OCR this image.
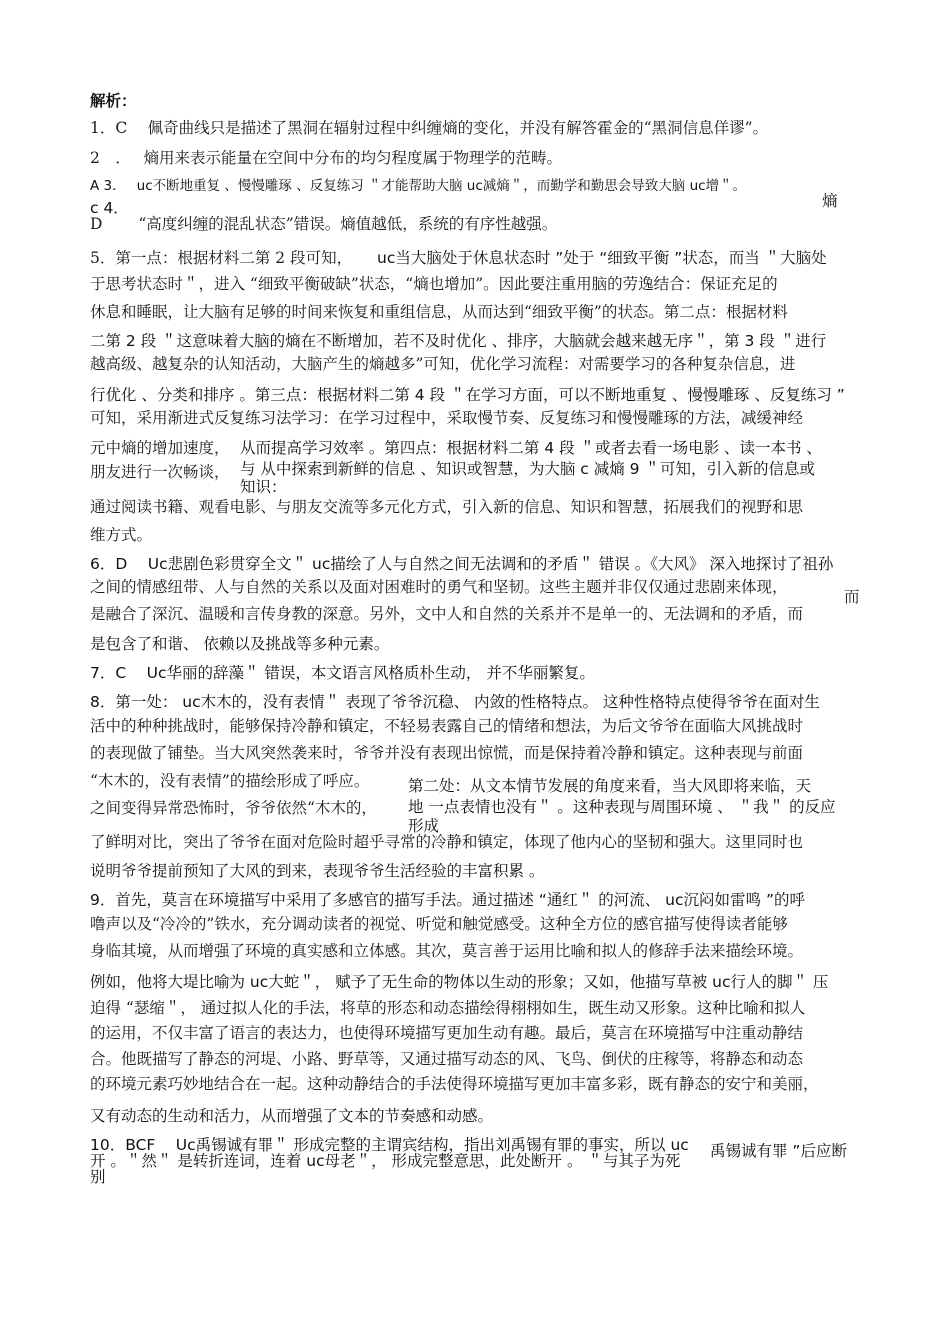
解析：
1．C　 佩奇曲线只是描述了黑洞在辐射过程中纠缠熵的变化，并没有解答霍金的“黑洞信息佯谬”。
2　．　 熵用来表示能量在空间中分布的均匀程度属于物理学的范畴。
A 3．　 uc不断地重复 、慢慢雕琢 、反复练习 ＂才能帮助大脑 uc减熵＂，而勤学和勤思会导致大脑 uc增＂。
熵
c 4．
D　　 “高度纠缠的混乱状态”错误。熵值越低，系统的有序性越强。
5．第一点：根据材料二第 2 段可知， uc当大脑处于休息状态时 ”处于 “细致平衡 ”状态，而当 ＂大脑处
于思考状态时＂，进入 “细致平衡破缺”状态，“熵也增加”。因此要注重用脑的劳逸结合：保证充足的
休息和睡眠，让大脑有足够的时间来恢复和重组信息，从而达到“细致平衡”的状态。第二点：根据材料
二第 2 段 ＂这意味着大脑的熵在不断增加，若不及时优化 、排序，大脑就会越来越无序＂，第 3 段 ＂进行
越高级、越复杂的认知活动，大脑产生的熵越多”可知，优化学习流程：对需要学习的各种复杂信息，进
行优化 、分类和排序 。第三点：根据材料二第 4 段 ＂在学习方面，可以不断地重复 、慢慢雕琢 、反复练习 ”
可知，采用渐进式反复练习法学习：在学习过程中，采取慢节奏、反复练习和慢慢雕琢的方法，减缓神经
元中熵的增加速度， 从而提高学习效率 。第四点：根据材料二第 4 段 ＂或者去看一场电影 、读一本书 、
朋友进行一次畅谈， 与 从中探索到新鲜的信息 、知识或智慧，为大脑 c 减熵 9 ＂可知，引入新的信息或
知识：
通过阅读书籍、观看电影、与朋友交流等多元化方式，引入新的信息、知识和智慧，拓展我们的视野和思
维方式。
6．D　 Uc悲剧色彩贯穿全文＂ uc描绘了人与自然之间无法调和的矛盾＂ 错误 。《大风》 深入地探讨了祖孙
之间的情感纽带、人与自然的关系以及面对困难时的勇气和坚韧。这些主题并非仅仅通过悲剧来体现，
而
是融合了深沉、温暖和言传身教的深意。另外，文中人和自然的关系并不是单一的、无法调和的矛盾，而
是包含了和谐、 依赖以及挑战等多种元素。
7．C　 Uc华丽的辞藻＂ 错误，本文语言风格质朴生动， 并不华丽繁复。
8．第一处： uc木木的，没有表情＂ 表现了爷爷沉稳、 内敛的性格特点。 这种性格特点使得爷爷在面对生
活中的种种挑战时，能够保持冷静和镇定，不轻易表露自己的情绪和想法，为后文爷爷在面临大风挑战时
的表现做了铺垫。当大风突然袭来时，爷爷并没有表现出惊慌，而是保持着冷静和镇定。这种表现与前面
“木木的，没有表情”的描绘形成了呼应。 第二处：从文本情节发展的角度来看，当大风即将来临，天
之间变得异常恐怖时，爷爷依然“木木的， 地 一点表情也没有＂ 。这种表现与周围环境 、 ＂我＂ 的反应
形成
了鲜明对比，突出了爷爷在面对危险时超乎寻常的冷静和镇定，体现了他内心的坚韧和强大。这里同时也
说明爷爷提前预知了大风的到来，表现爷爷生活经验的丰富积累 。
9．首先，莫言在环境描写中采用了多感官的描写手法。通过描述 “通红＂ 的河流、 uc沉闷如雷鸣 ”的呼
噜声以及“冷冷的”铁水，充分调动读者的视觉、听觉和触觉感受。这种全方位的感官描写使得读者能够
身临其境，从而增强了环境的真实感和立体感。其次，莫言善于运用比喻和拟人的修辞手法来描绘环境。
例如，他将大堤比喻为 uc大蛇＂， 赋予了无生命的物体以生动的形象；又如，他描写草被 uc行人的脚＂ 压
迫得 “瑟缩＂， 通过拟人化的手法，将草的形态和动态描绘得栩栩如生，既生动又形象。这种比喻和拟人
的运用，不仅丰富了语言的表达力，也使得环境描写更加生动有趣。最后，莫言在环境描写中注重动静结
合。他既描写了静态的河堤、小路、野草等，又通过描写动态的风、飞鸟、倒伏的庄稼等，将静态和动态
的环境元素巧妙地结合在一起。这种动静结合的手法使得环境描写更加丰富多彩，既有静态的安宁和美丽，
又有动态的生动和活力，从而增强了文本的节奏感和动感。
10．BCF　 Uc禹锡诚有罪＂ 形成完整的主谓宾结构，指出刘禹锡有罪的事实，所以 uc 禹锡诚有罪 ”后应断
开 。＂然＂ 是转折连词，连着 uc母老＂， 形成完整意思，此处断开 。 ＂与其子为死
别
